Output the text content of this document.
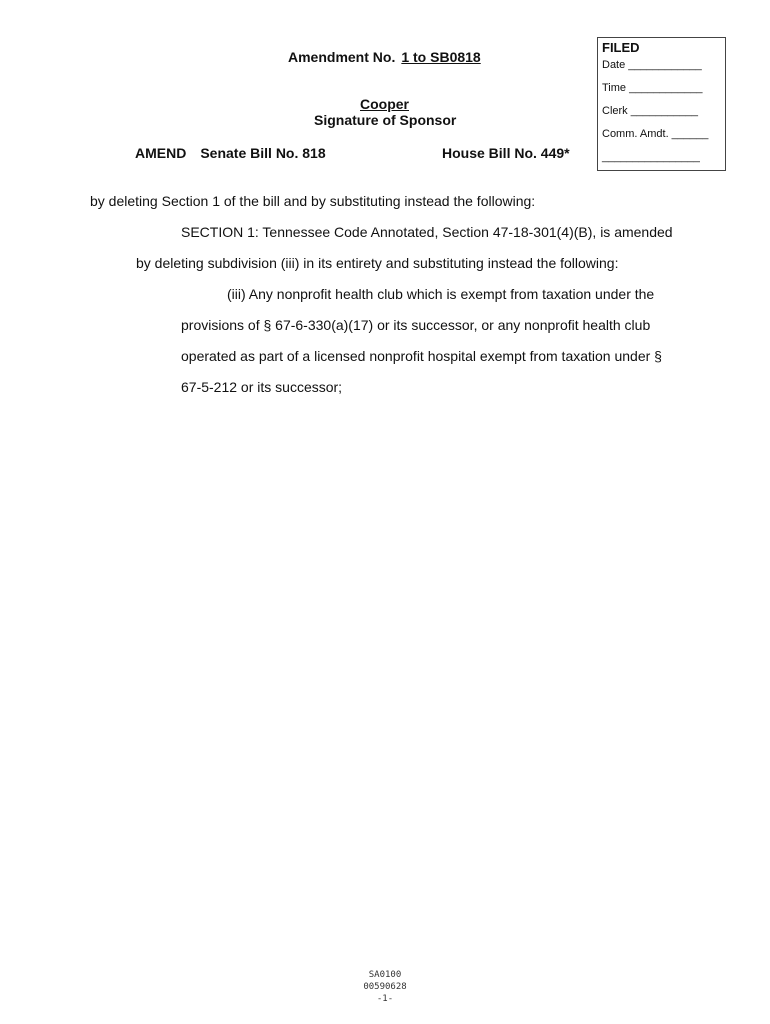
Amendment No. 1 to SB0818
Cooper
Signature of Sponsor
AMEND Senate Bill No. 818	House Bill No. 449*
FILED
Date ____________
Time ____________
Clerk ___________
Comm. Amdt. ______
________________
by deleting Section 1 of the bill and by substituting instead the following:
SECTION 1: Tennessee Code Annotated, Section 47-18-301(4)(B), is amended
by deleting subdivision (iii) in its entirety and substituting instead the following:
(iii) Any nonprofit health club which is exempt from taxation under the
provisions of § 67-6-330(a)(17) or its successor, or any nonprofit health club
operated as part of a licensed nonprofit hospital exempt from taxation under §
67-5-212 or its successor;
SA0100
00590628
-1-
